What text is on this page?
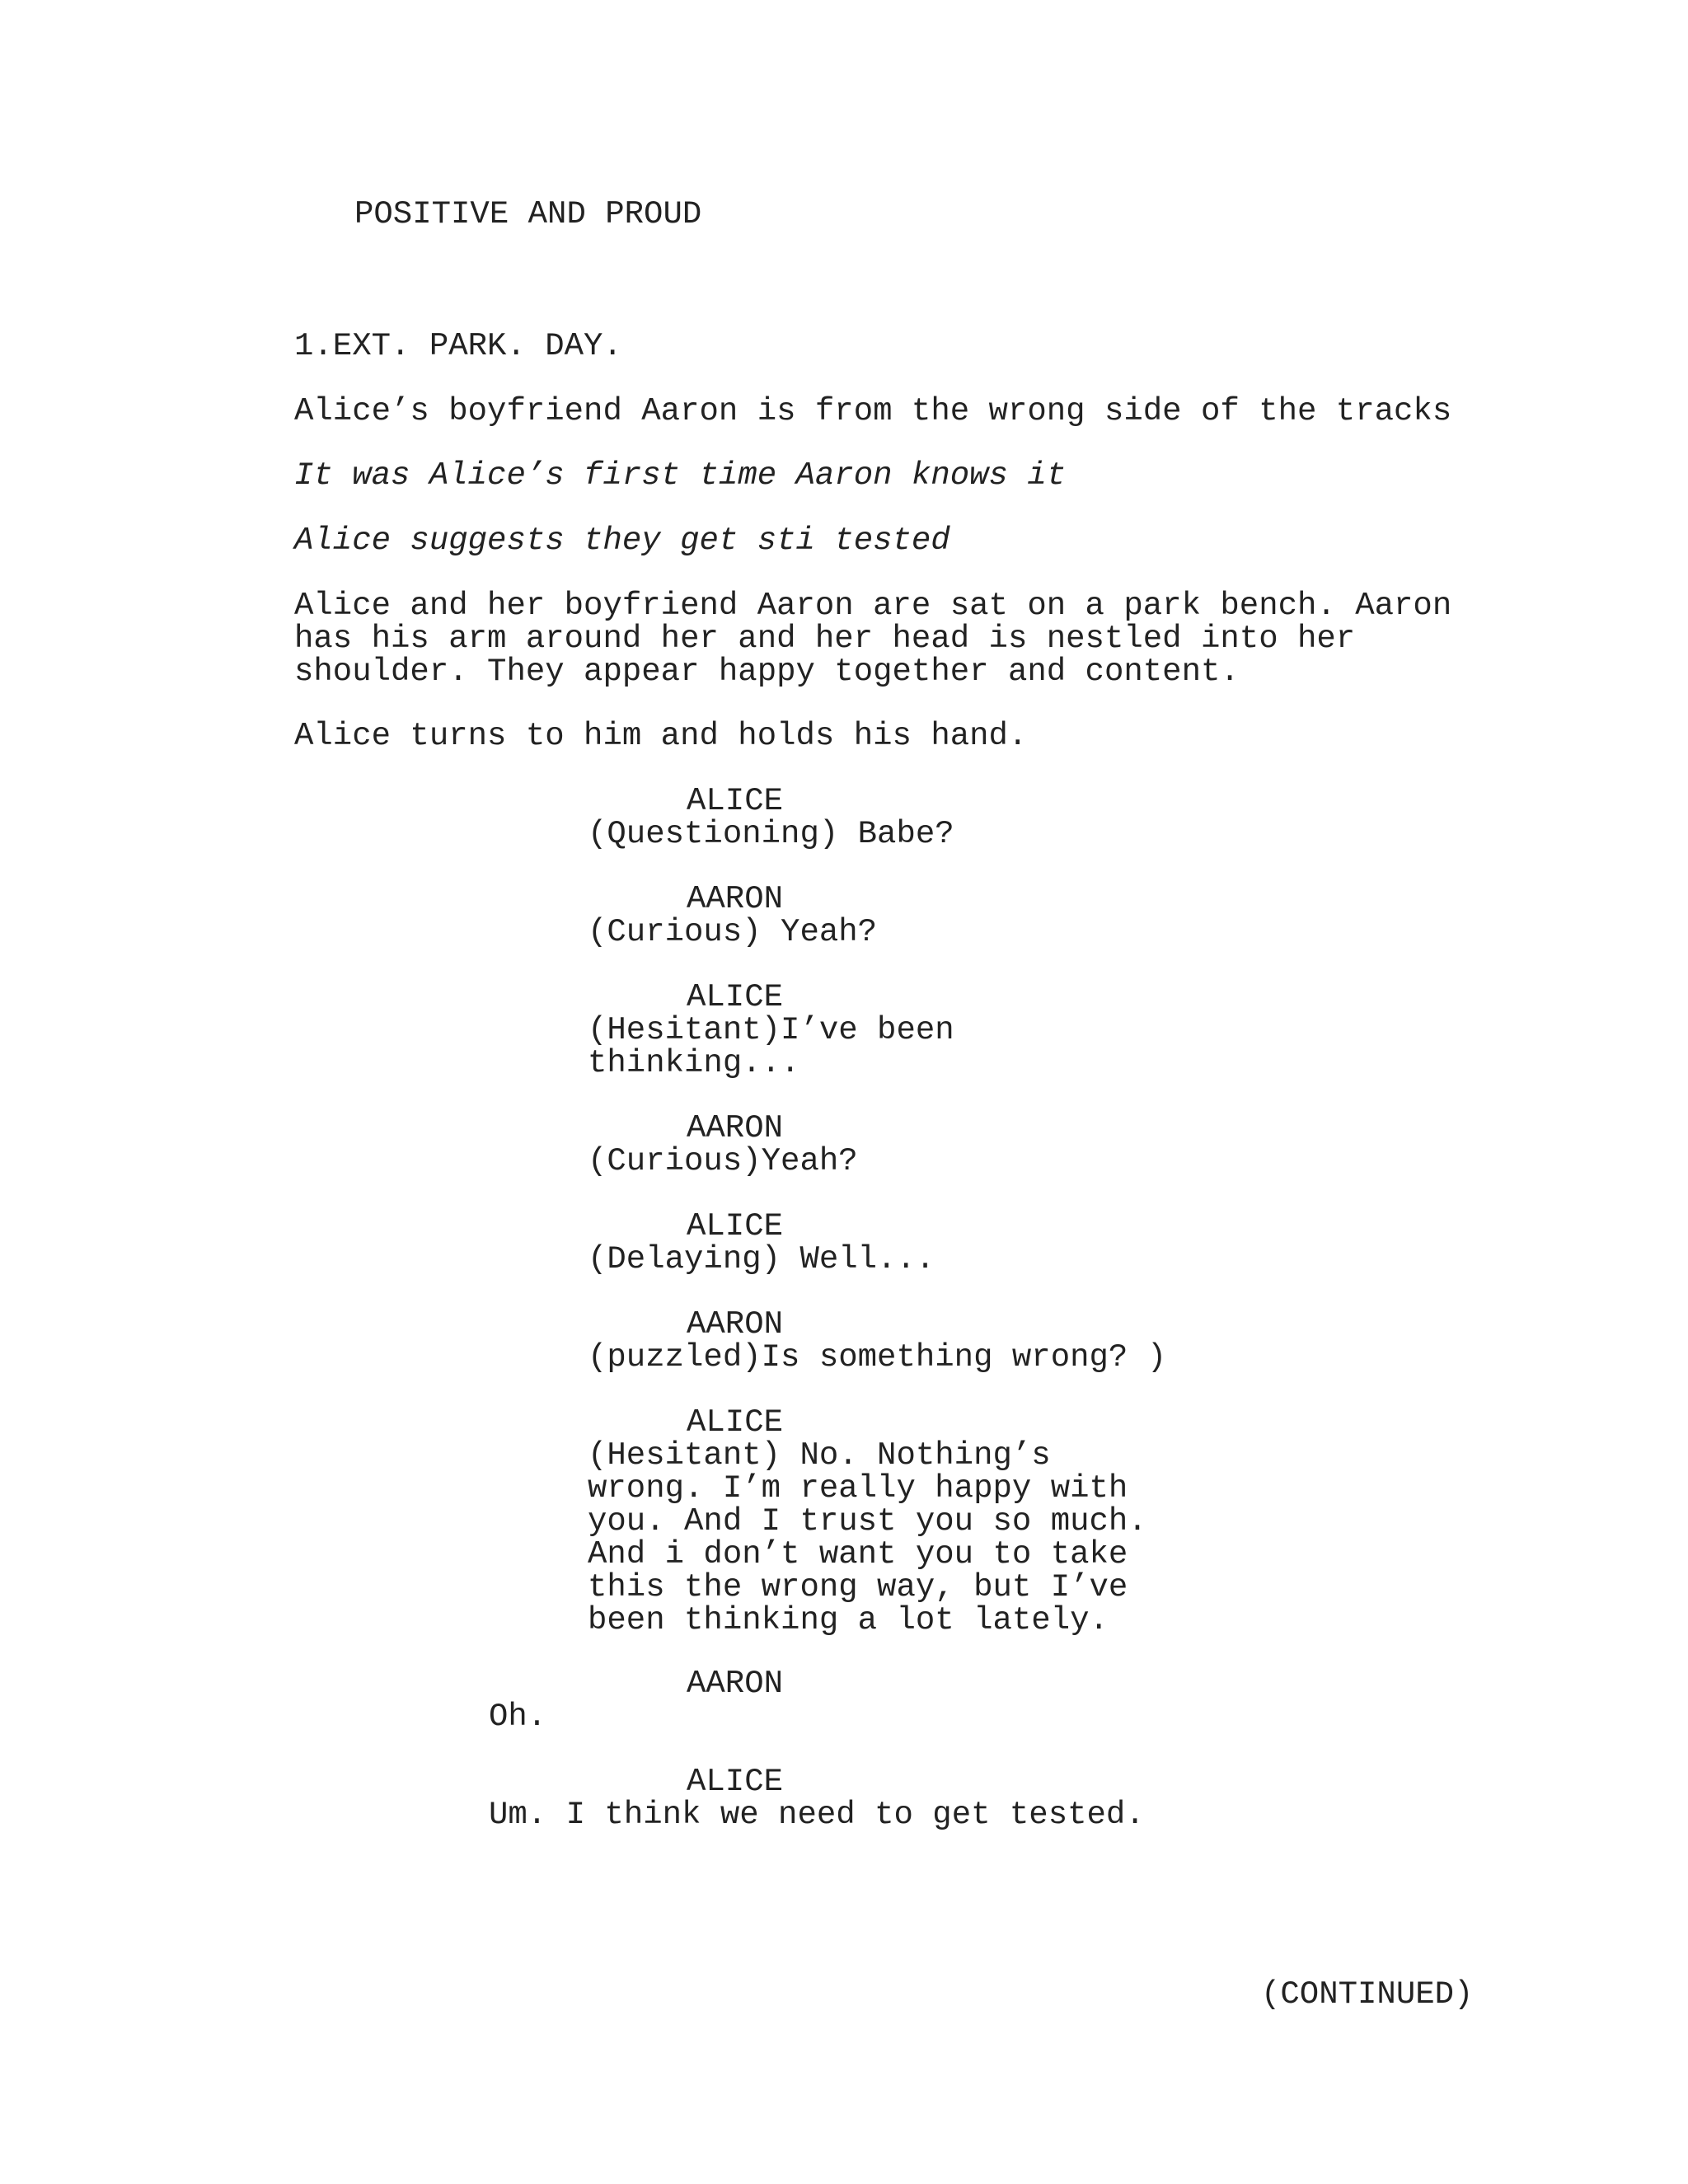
POSITIVE AND PROUD

1.EXT. PARK. DAY.

Alice’s boyfriend Aaron is from the wrong side of the tracks

It was Alice’s first time Aaron knows it

Alice suggests they get sti tested

Alice and her boyfriend Aaron are sat on a park bench. Aaron
has his arm around her and her head is nestled into her
shoulder. They appear happy together and content.

Alice turns to him and holds his hand.

ALICE

(Questioning) Babe?

AARON

(Curious) Yeah?

ALICE

(Hesitant)I’ve been
thinking...

AARON

(Curious)Yeah?

ALICE

(Delaying) Well...

AARON

(puzzled)Is something wrong? )

ALICE

(Hesitant) No. Nothing’s
wrong. I’m really happy with
you. And I trust you so much.
And i don’t want you to take
this the wrong way, but I’ve
been thinking a lot lately.

AARON

Oh.

ALICE

Um. I think we need to get tested.

(CONTINUED)
